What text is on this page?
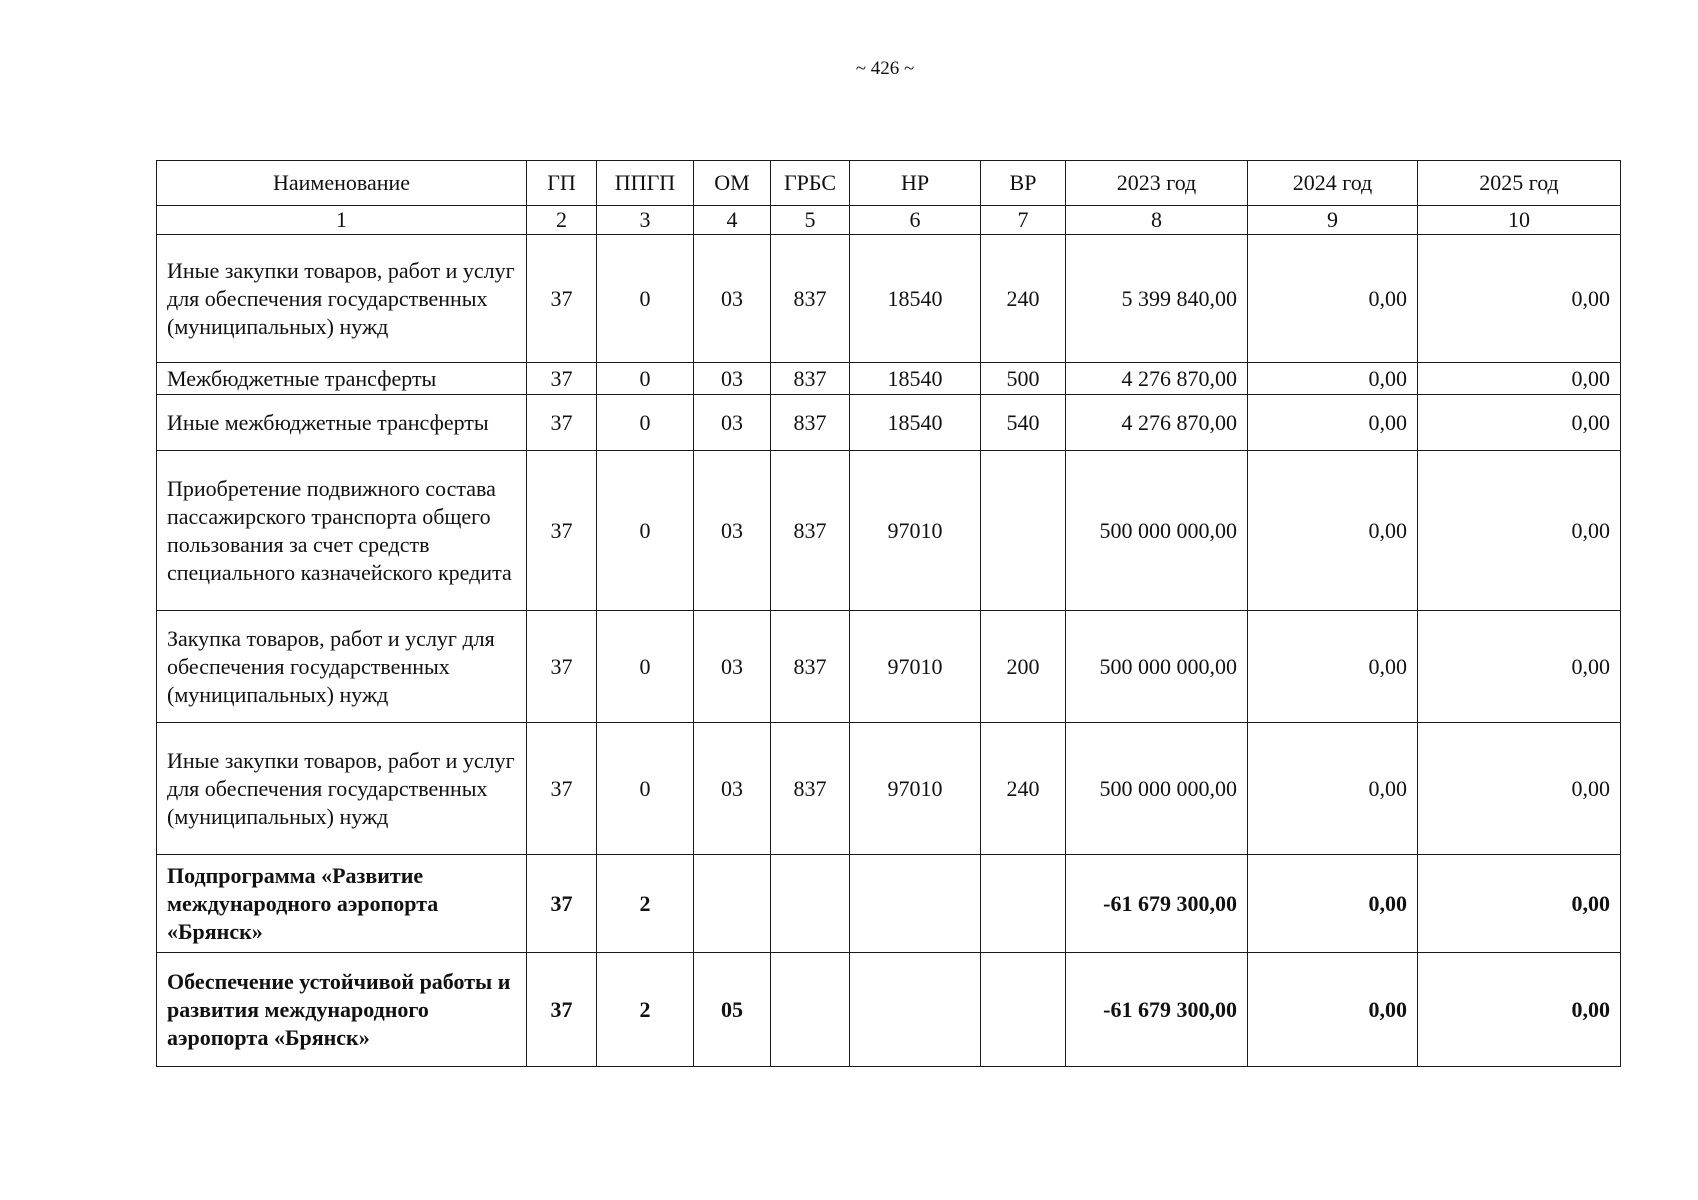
~ 426 ~
Наименование	ГП	ППГП	ОМ	ГРБС	НР	ВР	2023 год	2024 год	2025 год
1	2	3	4	5	6	7	8	9	10
Иные закупки товаров, работ и услуг для обеспечения государственных (муниципальных) нужд	37	0	03	837	18540	240	5 399 840,00	0,00	0,00
Межбюджетные трансферты	37	0	03	837	18540	500	4 276 870,00	0,00	0,00
Иные межбюджетные трансферты	37	0	03	837	18540	540	4 276 870,00	0,00	0,00
Приобретение подвижного состава пассажирского транспорта общего пользования за счет средств специального казначейского кредита	37	0	03	837	97010		500 000 000,00	0,00	0,00
Закупка товаров, работ и услуг для обеспечения государственных (муниципальных) нужд	37	0	03	837	97010	200	500 000 000,00	0,00	0,00
Иные закупки товаров, работ и услуг для обеспечения государственных (муниципальных) нужд	37	0	03	837	97010	240	500 000 000,00	0,00	0,00
Подпрограмма «Развитие международного аэропорта «Брянск»	37	2					-61 679 300,00	0,00	0,00
Обеспечение устойчивой работы и развития международного аэропорта «Брянск»	37	2	05				-61 679 300,00	0,00	0,00
